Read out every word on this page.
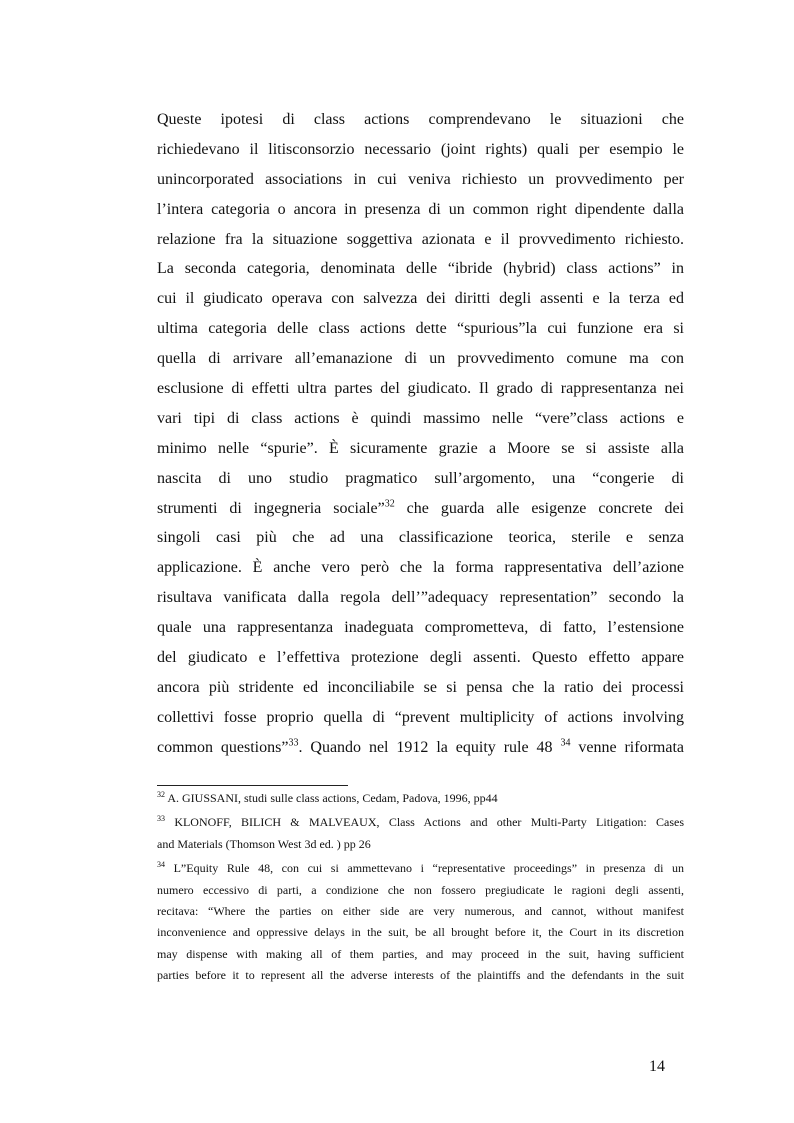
Queste ipotesi di class actions comprendevano le situazioni che
richiedevano il litisconsorzio necessario (joint rights) quali per esempio le
unincorporated associations in cui veniva richiesto un provvedimento per
l’intera categoria o ancora in presenza di un common right dipendente dalla
relazione fra la situazione soggettiva azionata e il provvedimento richiesto.
La seconda categoria, denominata delle “ibride (hybrid) class actions” in
cui il giudicato operava con salvezza dei diritti degli assenti e la terza ed
ultima categoria delle class actions dette “spurious”la cui funzione era si
quella di arrivare all’emanazione di un provvedimento comune ma con
esclusione di effetti ultra partes del giudicato. Il grado di rappresentanza nei
vari tipi di class actions è quindi massimo nelle “vere”class actions e
minimo nelle “spurie”. È sicuramente grazie a Moore se si assiste alla
nascita di uno studio pragmatico sull’argomento, una “congerie di
strumenti di ingegneria sociale”$^{32}$ che guarda alle esigenze concrete dei
singoli casi più che ad una classificazione teorica, sterile e senza
applicazione. È anche vero però che la forma rappresentativa dell’azione
risultava vanificata dalla regola dell’”adequacy representation” secondo la
quale una rappresentanza inadeguata comprometteva, di fatto, l’estensione
del giudicato e l’effettiva protezione degli assenti. Questo effetto appare
ancora più stridente ed inconciliabile se si pensa che la ratio dei processi
collettivi fosse proprio quella di “prevent multiplicity of actions involving
common questions”$^{33}$. Quando nel 1912 la equity rule 48 $^{34}$ venne riformata
$^{32}$ A. GIUSSANI, studi sulle class actions, Cedam, Padova, 1996, pp44
$^{33}$ KLONOFF, BILICH & MALVEAUX, Class Actions and other Multi-Party Litigation: Cases
and Materials (Thomson West 3d ed. ) pp 26
$^{34}$ L”Equity Rule 48, con cui si ammettevano i “representative proceedings” in presenza di un
numero eccessivo di parti, a condizione che non fossero pregiudicate le ragioni degli assenti,
recitava: “Where the parties on either side are very numerous, and cannot, without manifest
inconvenience and oppressive delays in the suit, be all brought before it, the Court in its discretion
may dispense with making all of them parties, and may proceed in the suit, having sufficient
parties before it to represent all the adverse interests of the plaintiffs and the defendants in the suit
14
